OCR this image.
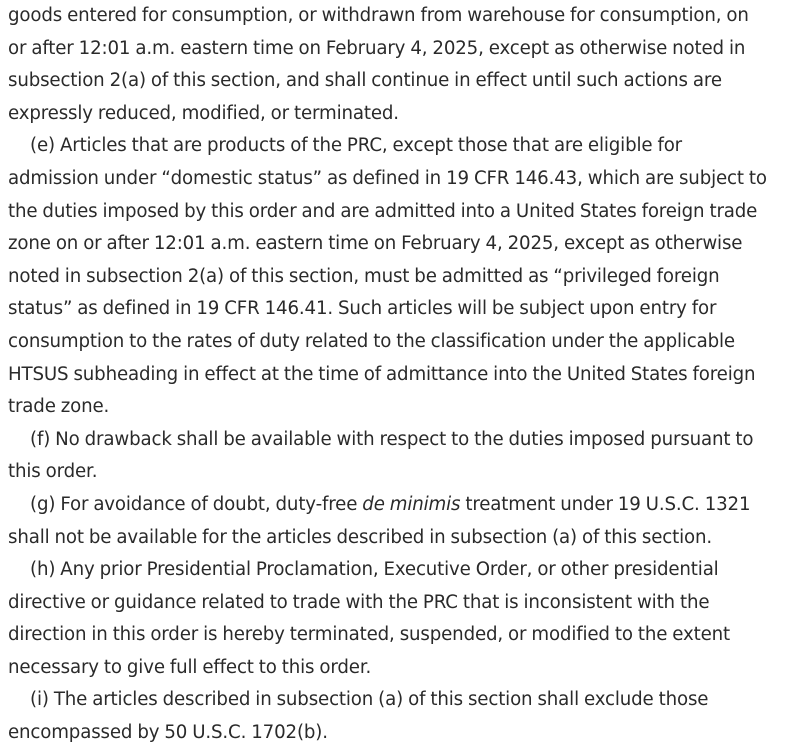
goods entered for consumption, or withdrawn from warehouse for consumption, on
or after 12:01 a.m. eastern time on February 4, 2025, except as otherwise noted in
subsection 2(a) of this section, and shall continue in effect until such actions are
expressly reduced, modified, or terminated.
(e) Articles that are products of the PRC, except those that are eligible for
admission under “domestic status” as defined in 19 CFR 146.43, which are subject to
the duties imposed by this order and are admitted into a United States foreign trade
zone on or after 12:01 a.m. eastern time on February 4, 2025, except as otherwise
noted in subsection 2(a) of this section, must be admitted as “privileged foreign
status” as defined in 19 CFR 146.41. Such articles will be subject upon entry for
consumption to the rates of duty related to the classification under the applicable
HTSUS subheading in effect at the time of admittance into the United States foreign
trade zone.
(f) No drawback shall be available with respect to the duties imposed pursuant to
this order.
(g) For avoidance of doubt, duty-free de minimis treatment under 19 U.S.C. 1321
shall not be available for the articles described in subsection (a) of this section.
(h) Any prior Presidential Proclamation, Executive Order, or other presidential
directive or guidance related to trade with the PRC that is inconsistent with the
direction in this order is hereby terminated, suspended, or modified to the extent
necessary to give full effect to this order.
(i) The articles described in subsection (a) of this section shall exclude those
encompassed by 50 U.S.C. 1702(b).
